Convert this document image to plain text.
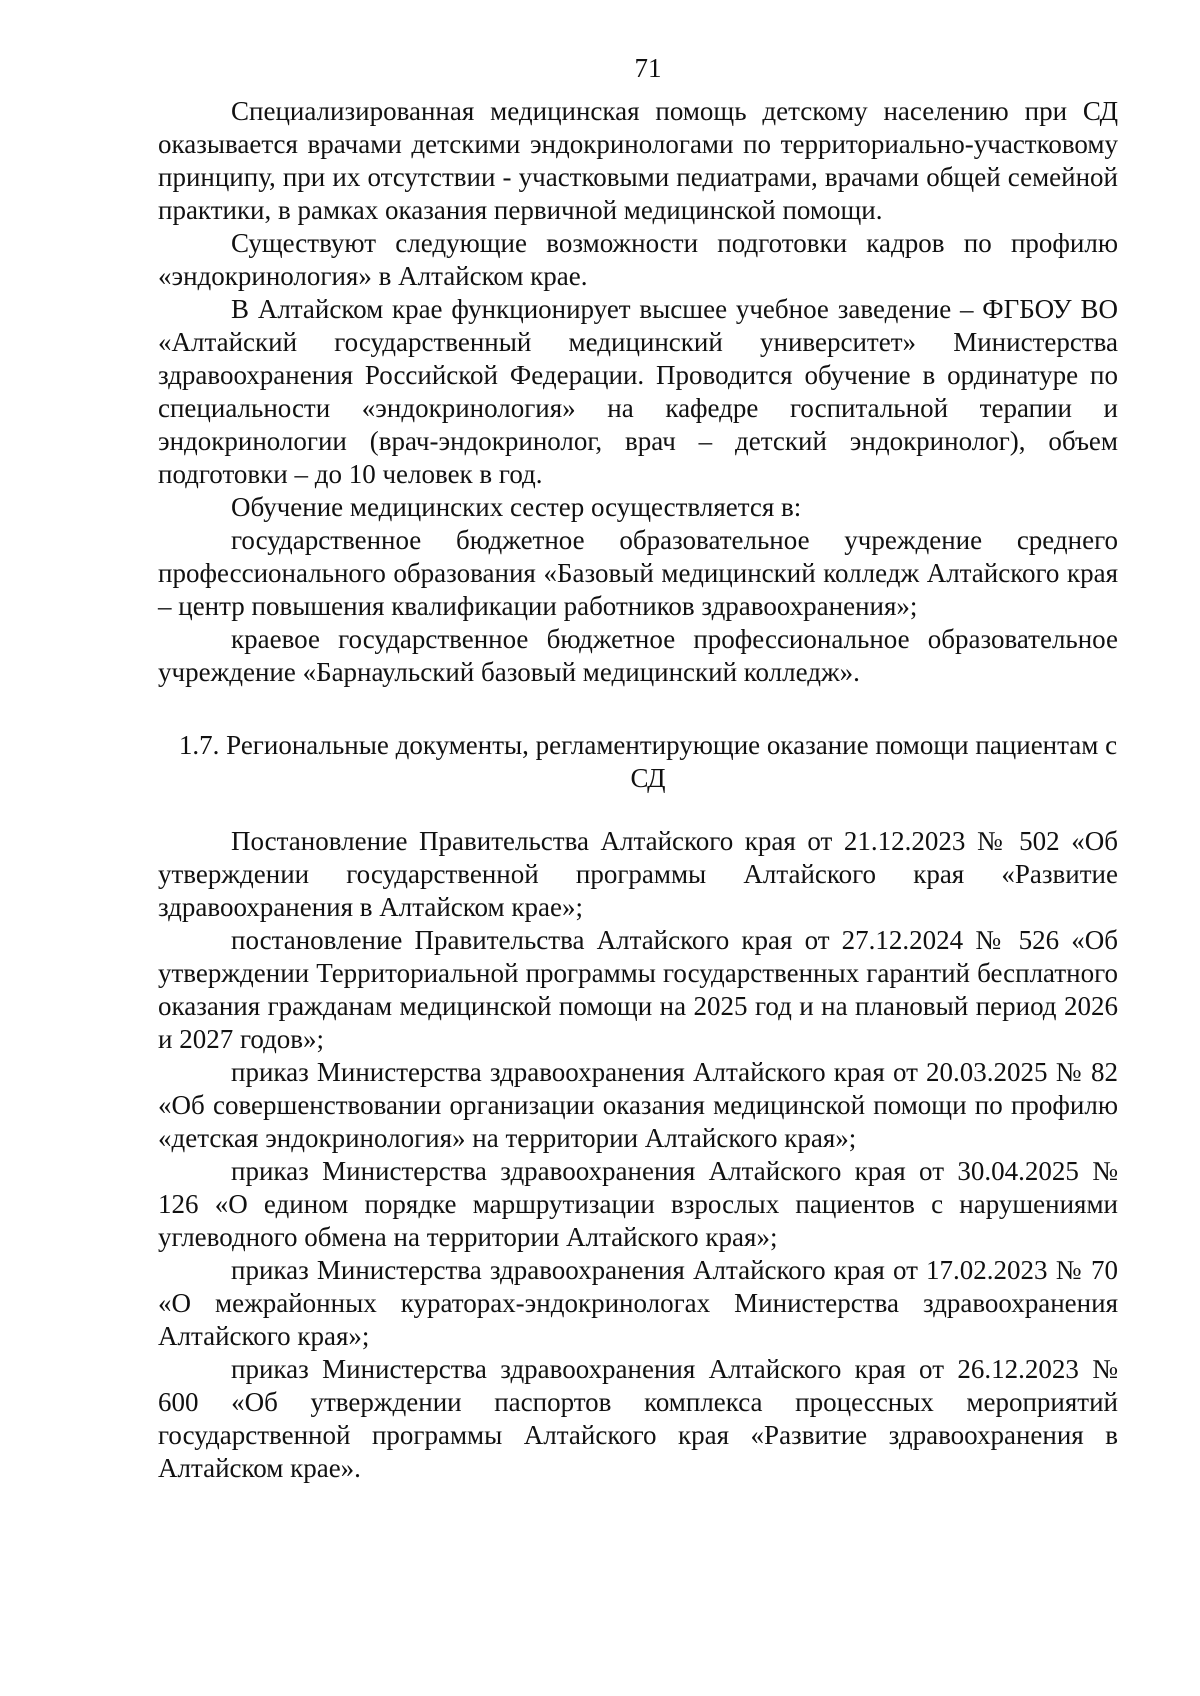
71

Специализированная медицинская помощь детскому населению при СД оказывается врачами детскими эндокринологами по территориально-участковому принципу, при их отсутствии - участковыми педиатрами, врачами общей семейной практики, в рамках оказания первичной медицинской помощи.

Существуют следующие возможности подготовки кадров по профилю «эндокринология» в Алтайском крае.

В Алтайском крае функционирует высшее учебное заведение – ФГБОУ ВО «Алтайский государственный медицинский университет» Министерства здравоохранения Российской Федерации. Проводится обучение в ординатуре по специальности «эндокринология» на кафедре госпитальной терапии и эндокринологии (врач-эндокринолог, врач – детский эндокринолог), объем подготовки – до 10 человек в год.

Обучение медицинских сестер осуществляется в:

государственное бюджетное образовательное учреждение среднего профессионального образования «Базовый медицинский колледж Алтайского края – центр повышения квалификации работников здравоохранения»;

краевое государственное бюджетное профессиональное образовательное учреждение «Барнаульский базовый медицинский колледж».

1.7. Региональные документы, регламентирующие оказание помощи пациентам с СД

Постановление Правительства Алтайского края от 21.12.2023 № 502 «Об утверждении государственной программы Алтайского края «Развитие здравоохранения в Алтайском крае»;

постановление Правительства Алтайского края от 27.12.2024 № 526 «Об утверждении Территориальной программы государственных гарантий бесплатного оказания гражданам медицинской помощи на 2025 год и на плановый период 2026 и 2027 годов»;

приказ Министерства здравоохранения Алтайского края от 20.03.2025 № 82 «Об совершенствовании организации оказания медицинской помощи по профилю «детская эндокринология» на территории Алтайского края»;

приказ Министерства здравоохранения Алтайского края от 30.04.2025 № 126 «О едином порядке маршрутизации взрослых пациентов с нарушениями углеводного обмена на территории Алтайского края»;

приказ Министерства здравоохранения Алтайского края от 17.02.2023 № 70 «О межрайонных кураторах-эндокринологах Министерства здравоохранения Алтайского края»;

приказ Министерства здравоохранения Алтайского края от 26.12.2023 № 600 «Об утверждении паспортов комплекса процессных мероприятий государственной программы Алтайского края «Развитие здравоохранения в Алтайском крае».
